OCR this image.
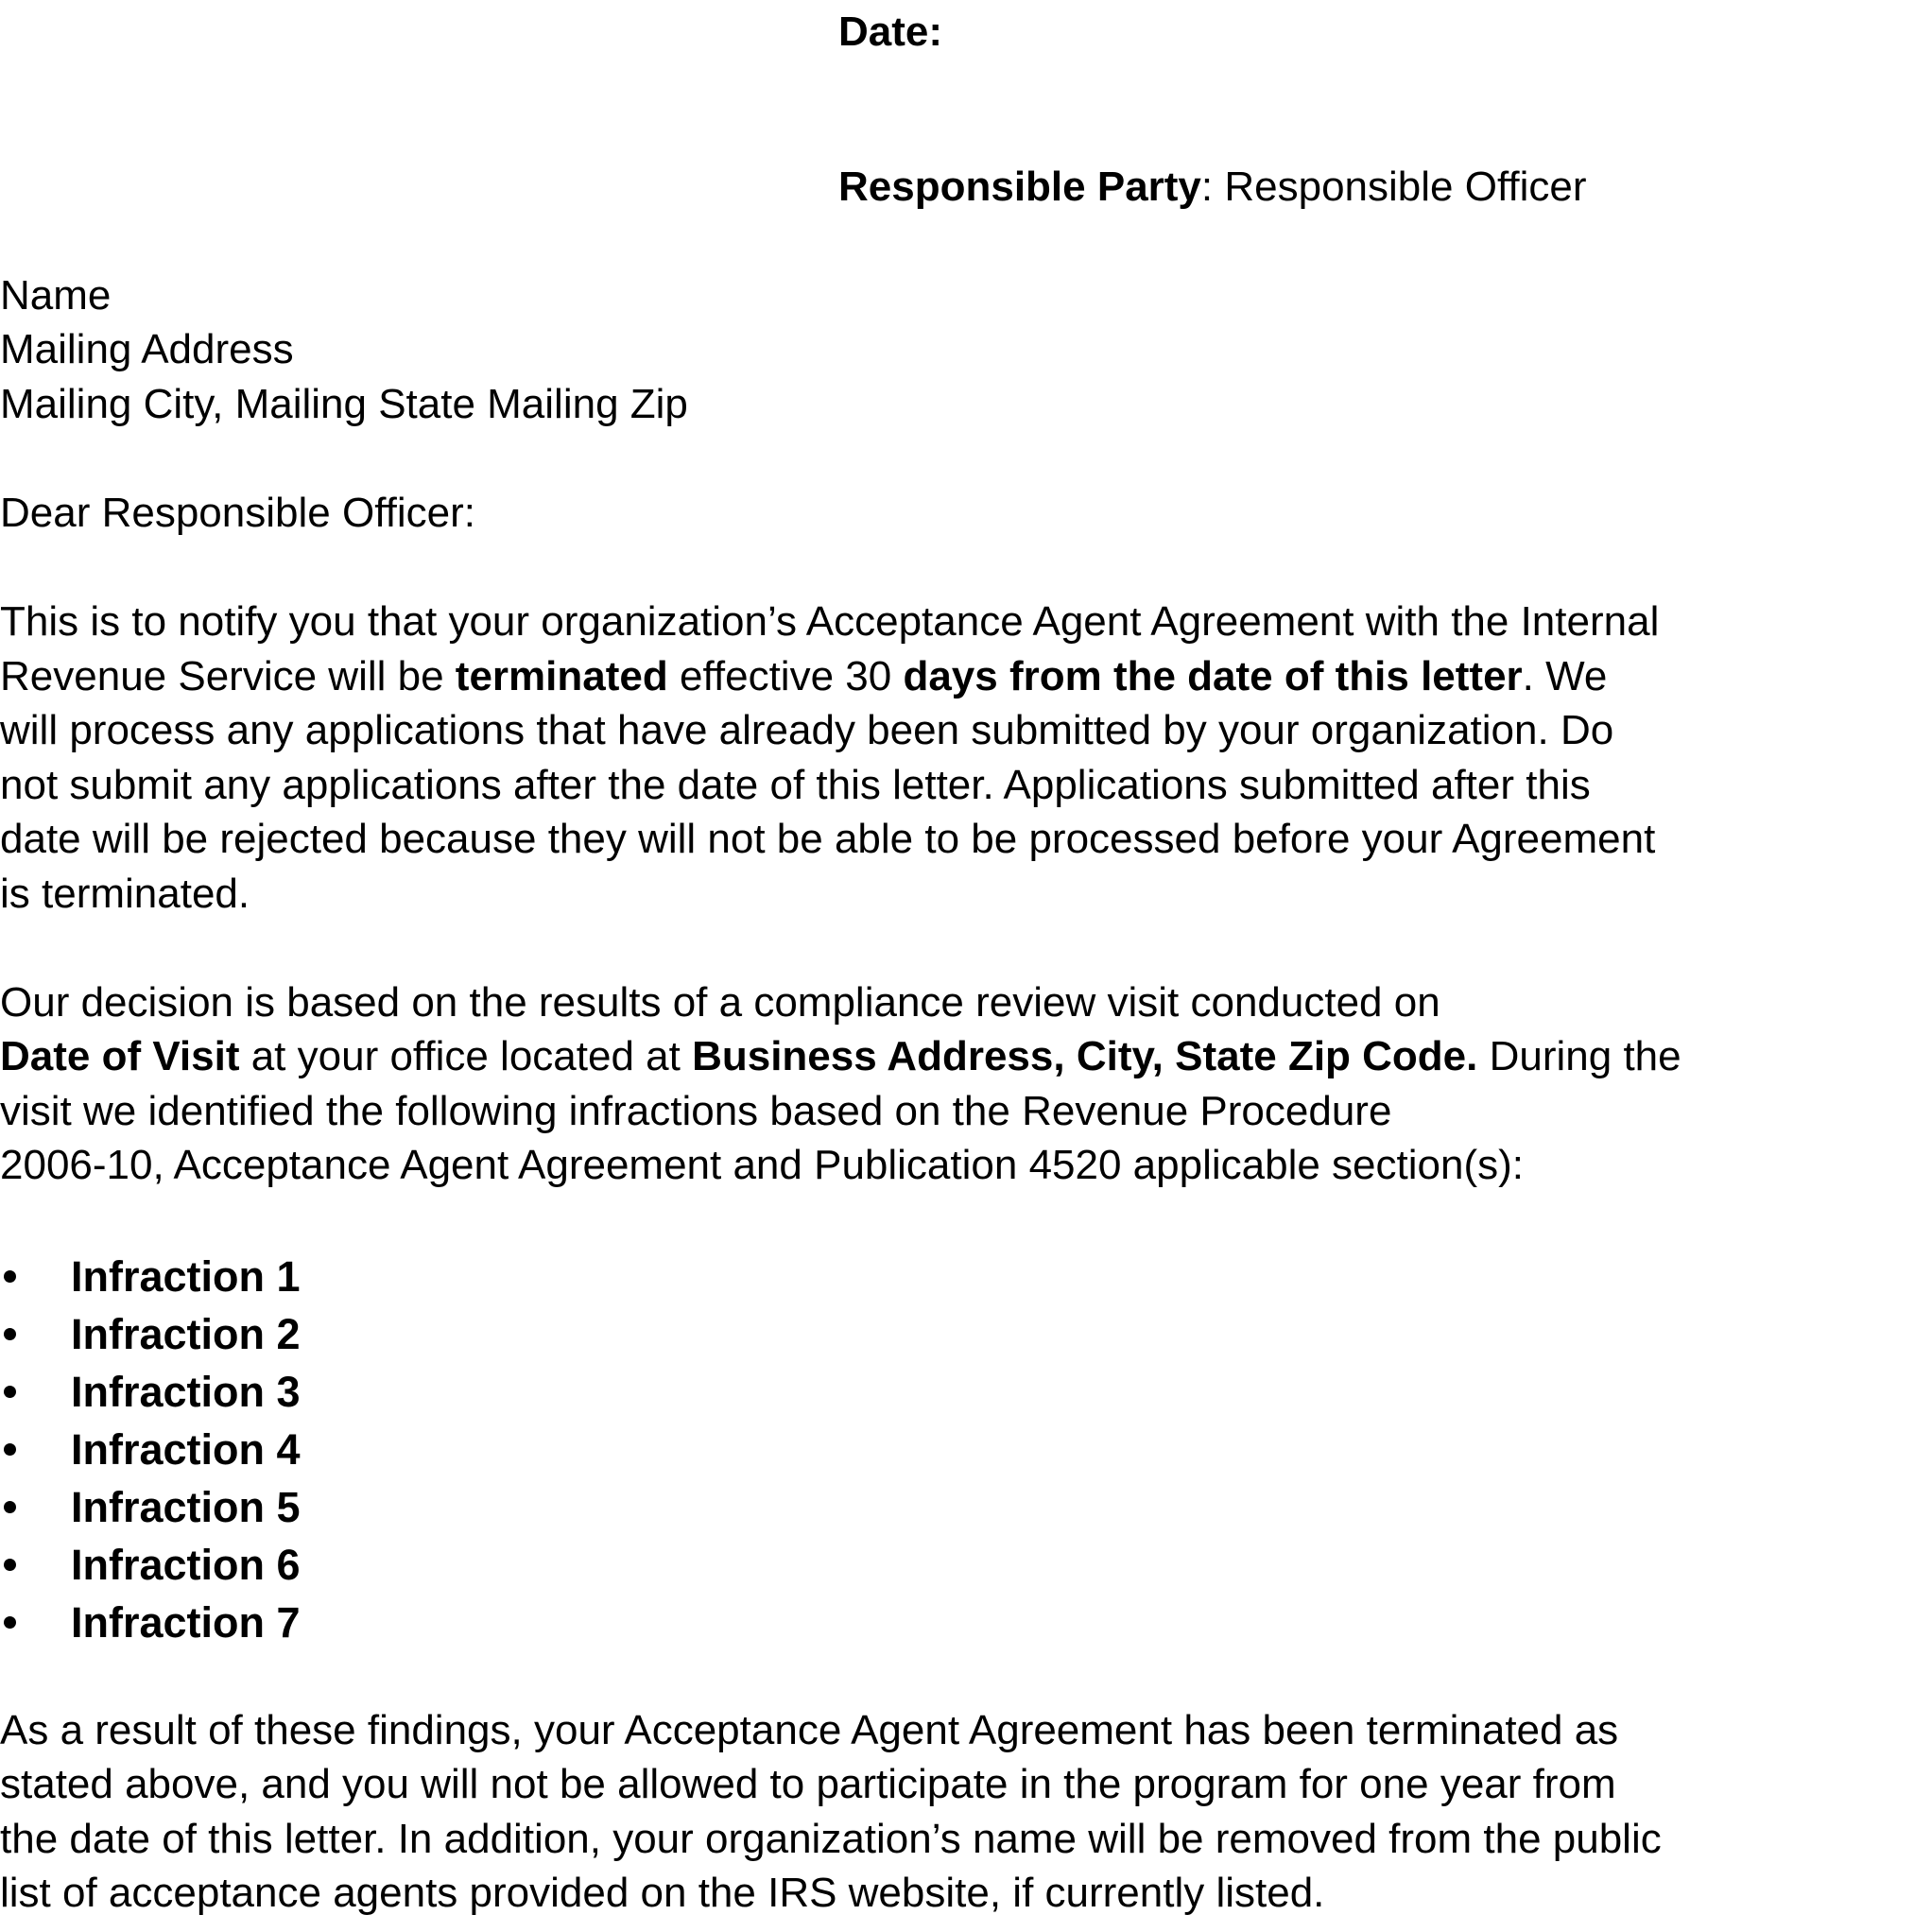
Date:
Responsible Party: Responsible Officer
Name
Mailing Address
Mailing City, Mailing State Mailing Zip
Dear Responsible Officer:
This is to notify you that your organization’s Acceptance Agent Agreement with the Internal
Revenue Service will be terminated effective 30 days from the date of this letter. We
will process any applications that have already been submitted by your organization. Do
not submit any applications after the date of this letter. Applications submitted after this
date will be rejected because they will not be able to be processed before your Agreement
is terminated.
Our decision is based on the results of a compliance review visit conducted on
Date of Visit at your office located at Business Address, City, State Zip Code. During the
visit we identified the following infractions based on the Revenue Procedure
2006-10, Acceptance Agent Agreement and Publication 4520 applicable section(s):
Infraction 1
Infraction 2
Infraction 3
Infraction 4
Infraction 5
Infraction 6
Infraction 7
As a result of these findings, your Acceptance Agent Agreement has been terminated as
stated above, and you will not be allowed to participate in the program for one year from
the date of this letter. In addition, your organization’s name will be removed from the public
list of acceptance agents provided on the IRS website, if currently listed.
